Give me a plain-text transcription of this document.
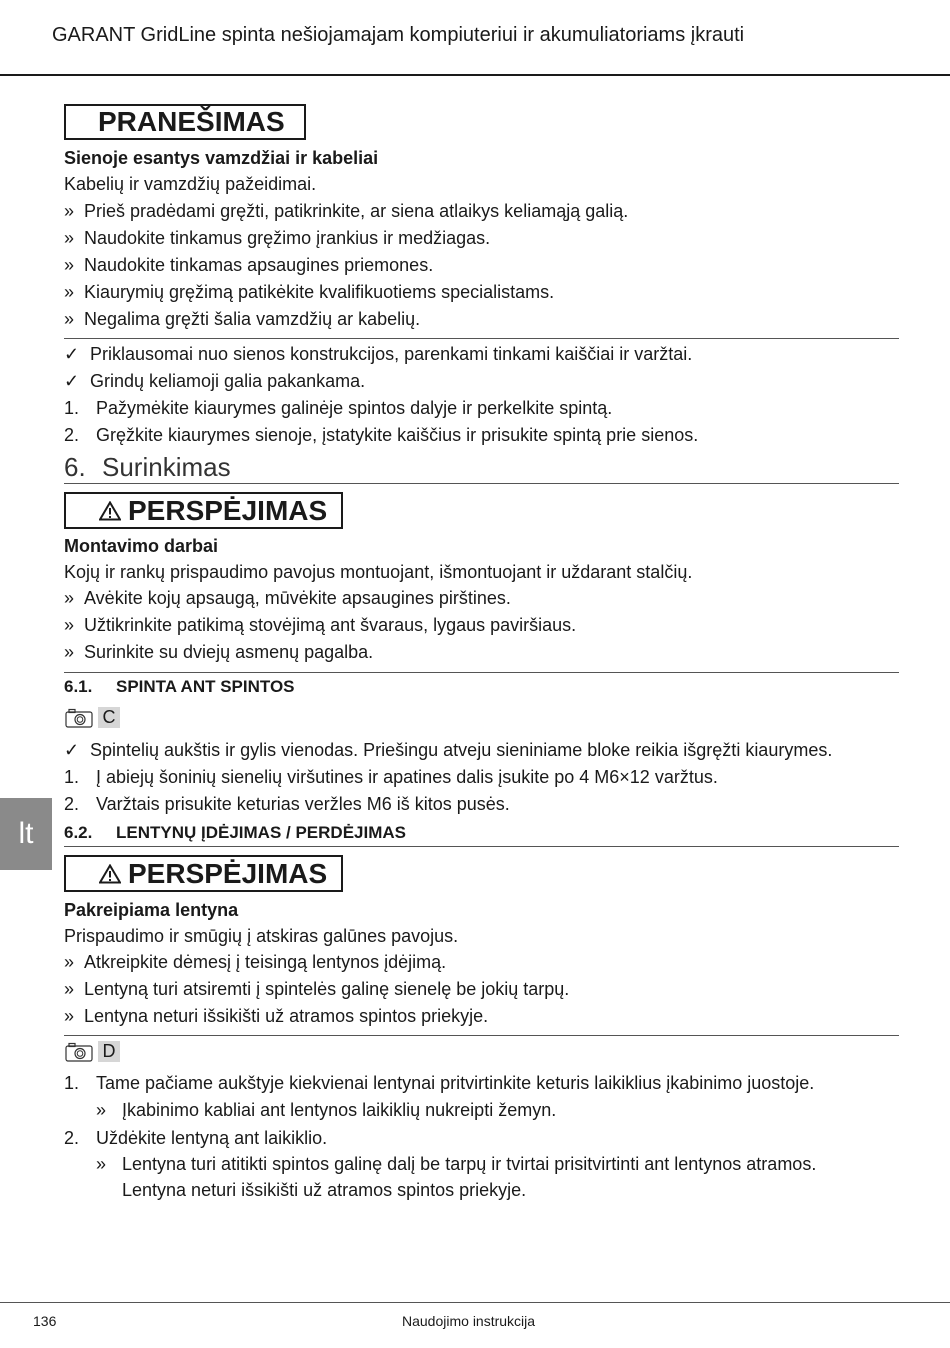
GARANT GridLine spinta nešiojamajam kompiuteriui ir akumuliatoriams įkrauti
PRANEŠIMAS
Sienoje esantys vamzdžiai ir kabeliai
Kabelių ir vamzdžių pažeidimai.
» Prieš pradėdami gręžti, patikrinkite, ar siena atlaikys keliamąją galią.
» Naudokite tinkamus gręžimo įrankius ir medžiagas.
» Naudokite tinkamas apsaugines priemones.
» Kiaurymių gręžimą patikėkite kvalifikuotiems specialistams.
» Negalima gręžti šalia vamzdžių ar kabelių.
✓ Priklausomai nuo sienos konstrukcijos, parenkami tinkami kaiščiai ir varžtai.
✓ Grindų keliamoji galia pakankama.
1. Pažymėkite kiaurymes galinėje spintos dalyje ir perkelkite spintą.
2. Gręžkite kiaurymes sienoje, įstatykite kaiščius ir prisukite spintą prie sienos.
6. Surinkimas
PERSPĖJIMAS
Montavimo darbai
Kojų ir rankų prispaudimo pavojus montuojant, išmontuojant ir uždarant stalčių.
» Avėkite kojų apsaugą, mūvėkite apsaugines pirštines.
» Užtikrinkite patikimą stovėjimą ant švaraus, lygaus paviršiaus.
» Surinkite su dviejų asmenų pagalba.
6.1. SPINTA ANT SPINTOS
C
✓ Spintelių aukštis ir gylis vienodas. Priešingu atveju sieniniame bloke reikia išgręžti kiaurymes.
1. Į abiejų šoninių sienelių viršutines ir apatines dalis įsukite po 4 M6×12 varžtus.
2. Varžtais prisukite keturias veržles M6 iš kitos pusės.
6.2. LENTYNŲ ĮDĖJIMAS / PERDĖJIMAS
PERSPĖJIMAS
Pakreipiama lentyna
Prispaudimo ir smūgių į atskiras galūnes pavojus.
» Atkreipkite dėmesį į teisingą lentynos įdėjimą.
» Lentyną turi atsiremti į spintelės galinę sienelę be jokių tarpų.
» Lentyna neturi išsikišti už atramos spintos priekyje.
D
1. Tame pačiame aukštyje kiekvienai lentynai pritvirtinkite keturis laikiklius įkabinimo juostoje.
» Įkabinimo kabliai ant lentynos laikiklių nukreipti žemyn.
2. Uždėkite lentyną ant laikiklio.
» Lentyna turi atitikti spintos galinę dalį be tarpų ir tvirtai prisitvirtinti ant lentynos atramos.
Lentyna neturi išsikišti už atramos spintos priekyje.
lt
136	Naudojimo instrukcija
